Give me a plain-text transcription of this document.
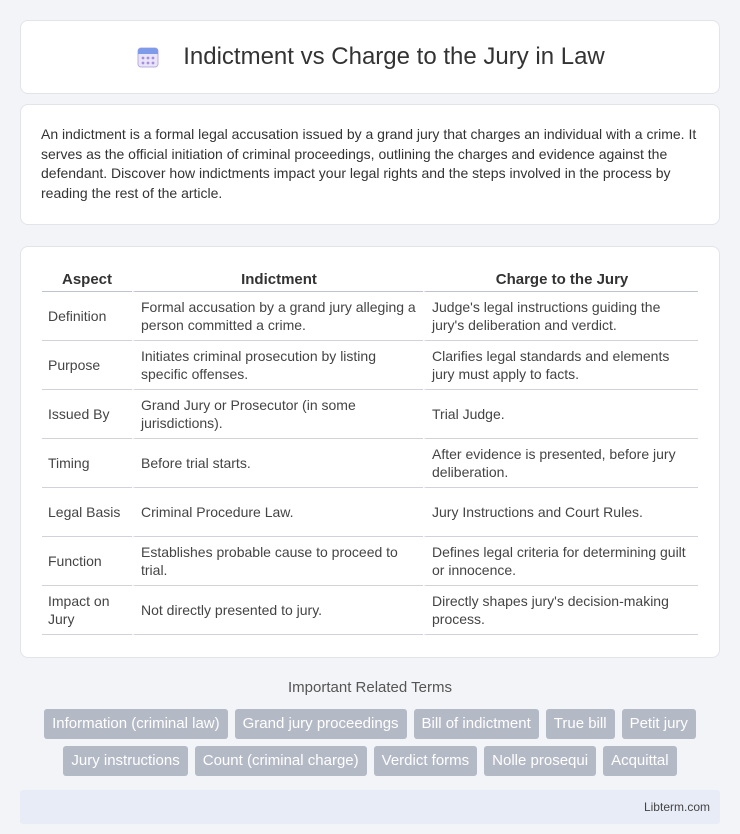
Indictment vs Charge to the Jury in Law
An indictment is a formal legal accusation issued by a grand jury that charges an individual with a crime. It serves as the official initiation of criminal proceedings, outlining the charges and evidence against the defendant. Discover how indictments impact your legal rights and the steps involved in the process by reading the rest of the article.
Aspect	Indictment	Charge to the Jury
Definition	Formal accusation by a grand jury alleging a person committed a crime.	Judge's legal instructions guiding the jury's deliberation and verdict.
Purpose	Initiates criminal prosecution by listing specific offenses.	Clarifies legal standards and elements jury must apply to facts.
Issued By	Grand Jury or Prosecutor (in some jurisdictions).	Trial Judge.
Timing	Before trial starts.	After evidence is presented, before jury deliberation.
Legal Basis	Criminal Procedure Law.	Jury Instructions and Court Rules.
Function	Establishes probable cause to proceed to trial.	Defines legal criteria for determining guilt or innocence.
Impact on Jury	Not directly presented to jury.	Directly shapes jury's decision-making process.
Important Related Terms
Information (criminal law)	Grand jury proceedings	Bill of indictment	True bill	Petit jury
Jury instructions	Count (criminal charge)	Verdict forms	Nolle prosequi	Acquittal
Libterm.com
